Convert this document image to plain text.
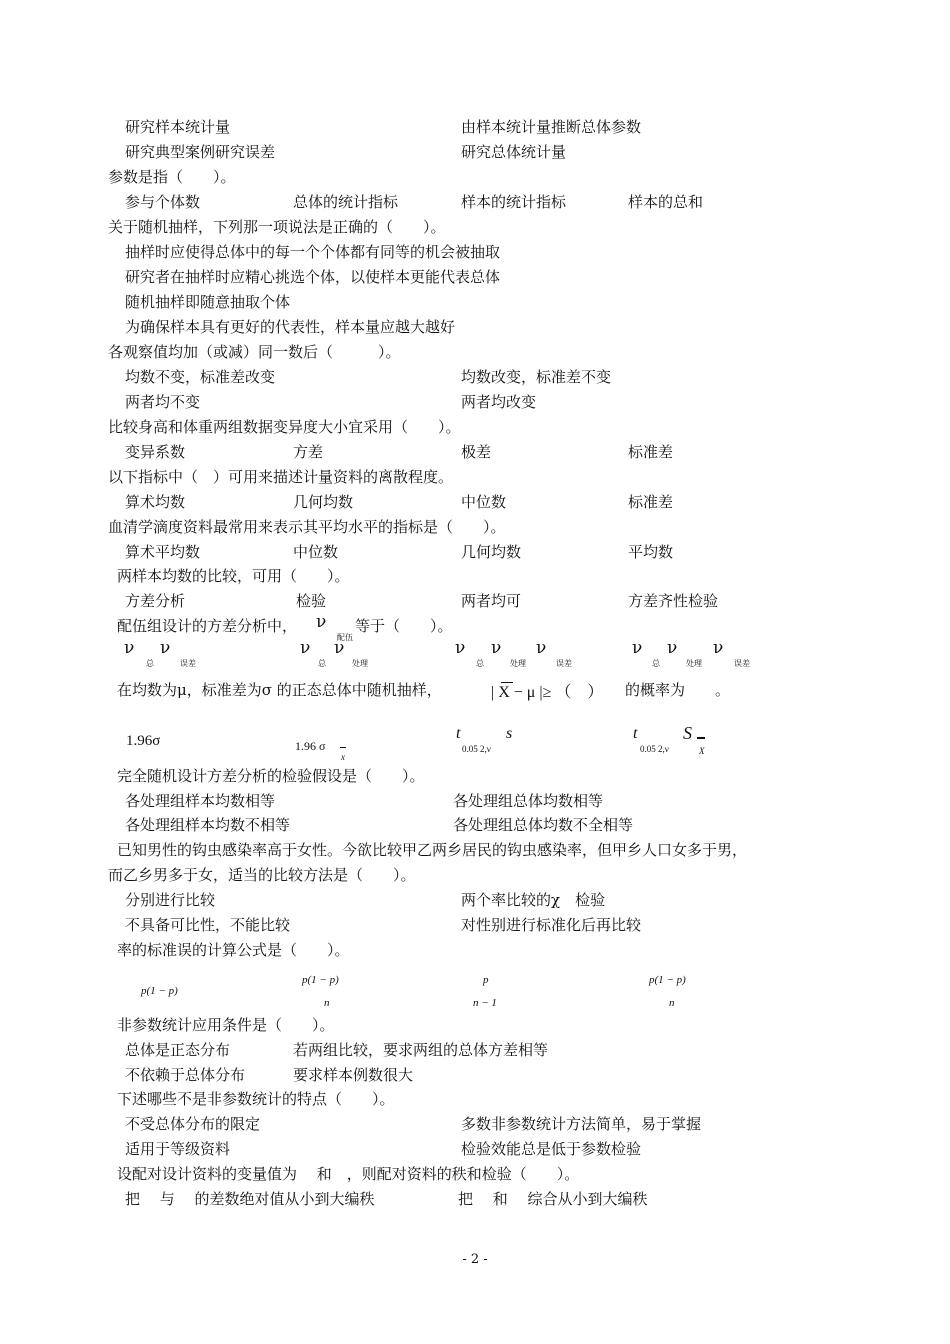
研究样本统计量	由样本统计量推断总体参数
研究典型案例研究误差	研究总体统计量
参数是指（　　）。
参与个体数	总体的统计指标	样本的统计指标	样本的总和
关于随机抽样，下列那一项说法是正确的（　　）。
抽样时应使得总体中的每一个个体都有同等的机会被抽取
研究者在抽样时应精心挑选个体，以使样本更能代表总体
随机抽样即随意抽取个体
为确保样本具有更好的代表性，样本量应越大越好
各观察值均加（或减）同一数后（　　　）。
均数不变，标准差改变	均数改变，标准差不变
两者均不变	两者均改变
比较身高和体重两组数据变异度大小宜采用（　　）。
变异系数	方差	极差	标准差
以下指标中（　）可用来描述计量资料的离散程度。
算术均数	几何均数	中位数	标准差
血清学滴度资料最常用来表示其平均水平的指标是（　　）。
算术平均数	中位数	几何均数	平均数
两样本均数的比较，可用（　　）。
方差分析	检验	两者均可	方差齐性检验
配伍组设计的方差分析中， ν
配伍
等于（　　）。
ν ν
总	误差
ν ν
总	处理
ν ν ν
总	处理	误差
ν ν ν
总	处理	误差
在均数为μ，标准差为σ 的正态总体中随机抽样，	| X − μ |≥ （　） 的概率为 。
1.96σ	1.96 σ
x
t	s
0.05 2,ν
t	S
0.05 2,ν	X
完全随机设计方差分析的检验假设是（　　）。
各处理组样本均数相等	各处理组总体均数相等
各处理组样本均数不相等	各处理组总体均数不全相等
已知男性的钩虫感染率高于女性。今欲比较甲乙两乡居民的钩虫感染率，但甲乡人口女多于男，
而乙乡男多于女，适当的比较方法是（　　）。
分别进行比较	两个率比较的χ　检验
不具备可比性，不能比较	对性别进行标准化后再比较
率的标准误的计算公式是（　　）。
p(1 − p)
p(1 − p)
n
p
n − 1
p(1 − p)
n
非参数统计应用条件是（　　）。
总体是正态分布	若两组比较，要求两组的总体方差相等
不依赖于总体分布	要求样本例数很大
下述哪些不是非参数统计的特点（　　）。
不受总体分布的限定	多数非参数统计方法简单，易于掌握
适用于等级资料	检验效能总是低于参数检验
设配对设计资料的变量值为　 和　，则配对资料的秩和检验（　　）。
把　 与　 的差数绝对值从小到大编秩	把　 和　 综合从小到大编秩
- 2 -
